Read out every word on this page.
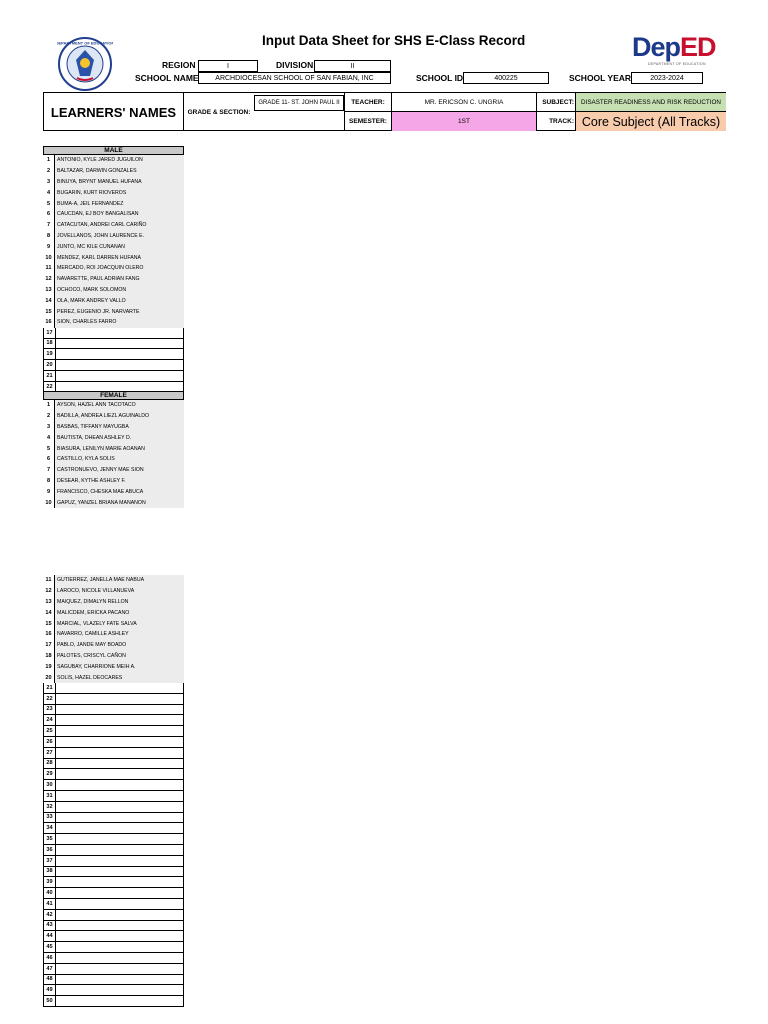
Input Data Sheet for SHS E-Class Record
DEPARTMENT OF EDUCATION	DepED
DEPARTMENT OF EDUCATION
REGION	I	DIVISION	II
SCHOOL NAME	ARCHDIOCESAN SCHOOL OF SAN FABIAN, INC	SCHOOL ID	400225	SCHOOL YEAR	2023-2024
LEARNERS' NAMES	GRADE & SECTION:
GRADE 11- ST. JOHN PAUL II	TEACHER:	MR. ERICSON C. UNGRIA	SUBJECT:	DISASTER READINESS AND RISK REDUCTION
SEMESTER:	1ST	TRACK: Core Subject (All Tracks)
MALE
1	ANTONIO, KYLE JARED JUGUILON
2	BALTAZAR, DARWIN GONZALES
3	BINUYA, BRYNT MANUEL HUFANA
4	BUGARIN, KURT RIOVEROS
5	BUMA-A, JEIL FERNANDEZ
6	CAUCDAN, EJ BOY BANGALISAN
7	CATACUTAN, ANDREI CARL CARIÑO
8	JOVELLANOS, JOHN LAURENCE E.
9	JUNTO, MC KILE CUNANAN
10	MENDEZ, KARL DARREN HUFANA
11	MERCADO, ROI JOACQUIN OLERO
12	NAVARETTE, PAUL ADRIAN FANG
13	OCHOCO, MARK SOLOMON
14	OLA, MARK ANDREY VALLO
15	PEREZ, EUGENIO JR. NARVARTE
16	SION, CHARLES FARRO
17
18
19
20
21
22
FEMALE
1	AYSON, HAZEL ANN TACOTACO
2	BADILLA, ANDREA LIEZL AGUINALDO
3	BASBAS, TIFFANY MAYUGBA
4	BAUTISTA, DHEAN ASHLEY D.
5	BIASURA, LENILYN MARIE AOANAN
6	CASTILLO, KYLA SOLIS
7	CASTRONUEVO, JENNY MAE SION
8	DESEAR, KYTHE ASHLEY F.
9	FRANCISCO, CHESKA MAE ABUCA
10	GAPUZ, YANZEL BRIANA MANANON
11	GUTIERREZ, JANELLA MAE NABUA
12	LAROCO, NICOLE VILLANUEVA
13	MAIQUEZ, DIMALYN RELLON
14	MALICDEM, ERICKA PACANO
15	MARCIAL, VLAZELY FATE SALVA
16	NAVARRO, CAMILLE ASHLEY
17	PABLO, JANDE MAY BOADO
18	PALOTES, CRISCYL CAÑON
19	SAGUBAY, CHARRIONE MEIH A.
20	SOLIS, HAZEL DEOCARES
21
22
23
24
25
26
27
28
29
30
31
32
33
34
35
36
37
38
39
40
41
42
43
44
45
46
47
48
49
50
